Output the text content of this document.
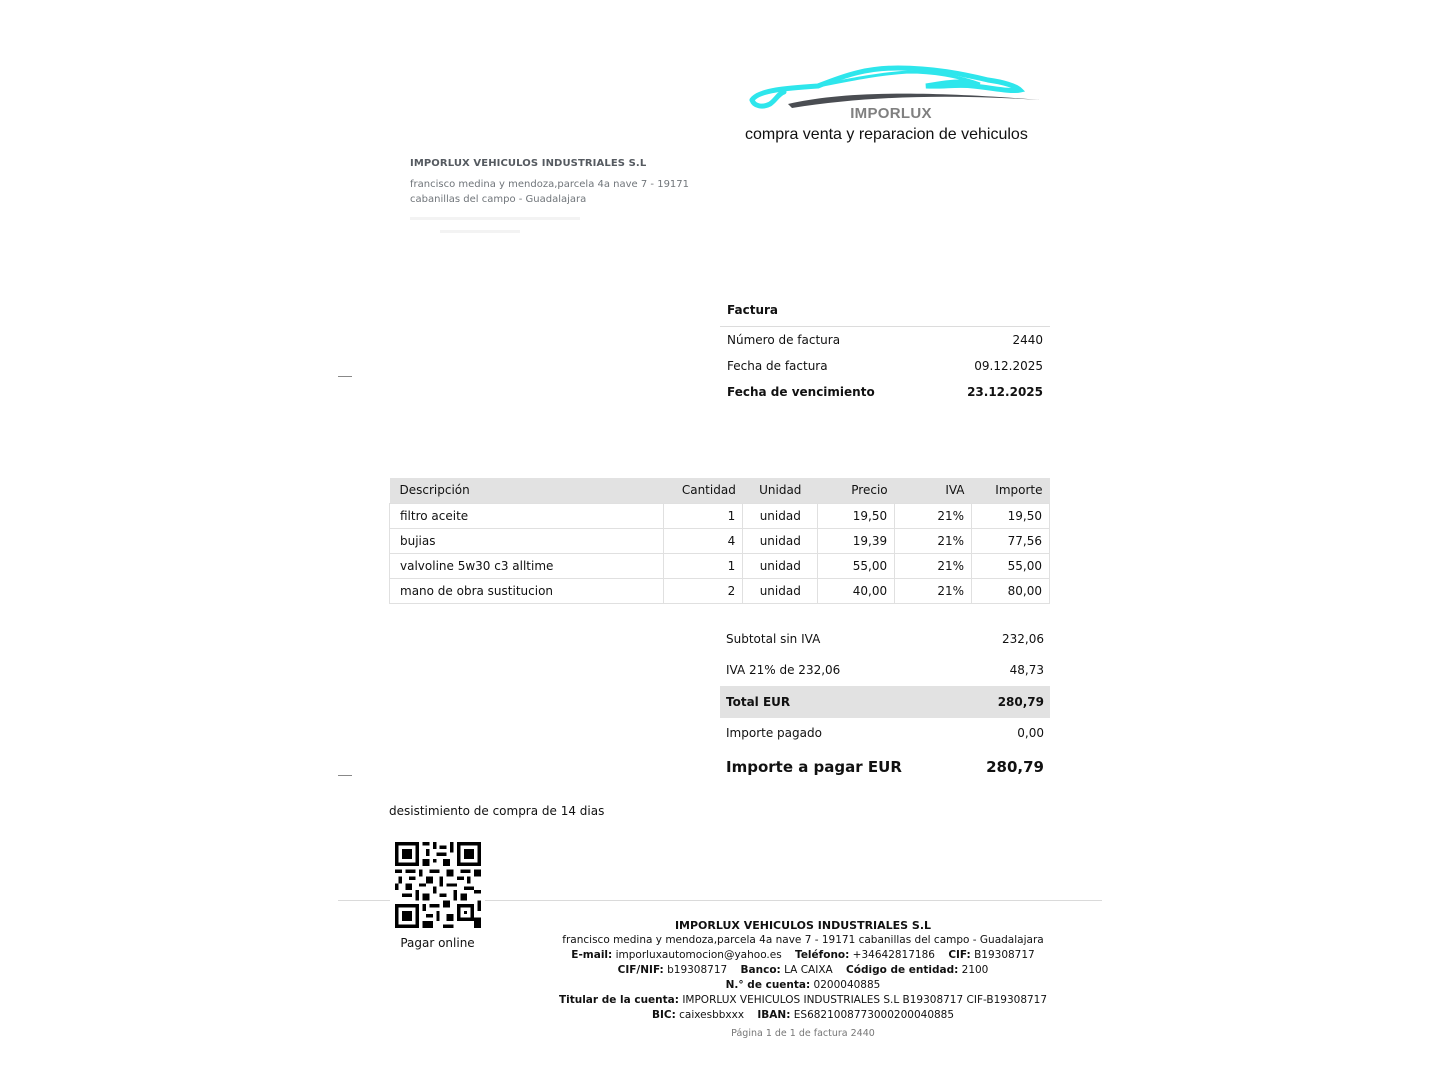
IMPORLUX
compra venta y reparacion de vehiculos
IMPORLUX VEHICULOS INDUSTRIALES S.L
francisco medina y mendoza,parcela 4a nave 7 - 19171 cabanillas del campo - Guadalajara
Factura
Número de factura	2440
Fecha de factura	09.12.2025
Fecha de vencimiento	23.12.2025
Descripción	Cantidad	Unidad	Precio	IVA	Importe
filtro aceite	1	unidad	19,50	21%	19,50
bujias	4	unidad	19,39	21%	77,56
valvoline 5w30 c3 alltime	1	unidad	55,00	21%	55,00
mano de obra sustitucion	2	unidad	40,00	21%	80,00
Subtotal sin IVA	232,06
IVA 21% de 232,06	48,73
Total EUR	280,79
Importe pagado	0,00
Importe a pagar EUR	280,79
desistimiento de compra de 14 dias
Pagar online
IMPORLUX VEHICULOS INDUSTRIALES S.L
francisco medina y mendoza,parcela 4a nave 7 - 19171 cabanillas del campo - Guadalajara
E-mail: imporluxautomocion@yahoo.es Teléfono: +34642817186 CIF: B19308717
CIF/NIF: b19308717 Banco: LA CAIXA Código de entidad: 2100
N.° de cuenta: 0200040885
Titular de la cuenta: IMPORLUX VEHICULOS INDUSTRIALES S.L B19308717 CIF-B19308717
BIC: caixesbbxxx IBAN: ES6821008773000200040885
Página 1 de 1 de factura 2440
